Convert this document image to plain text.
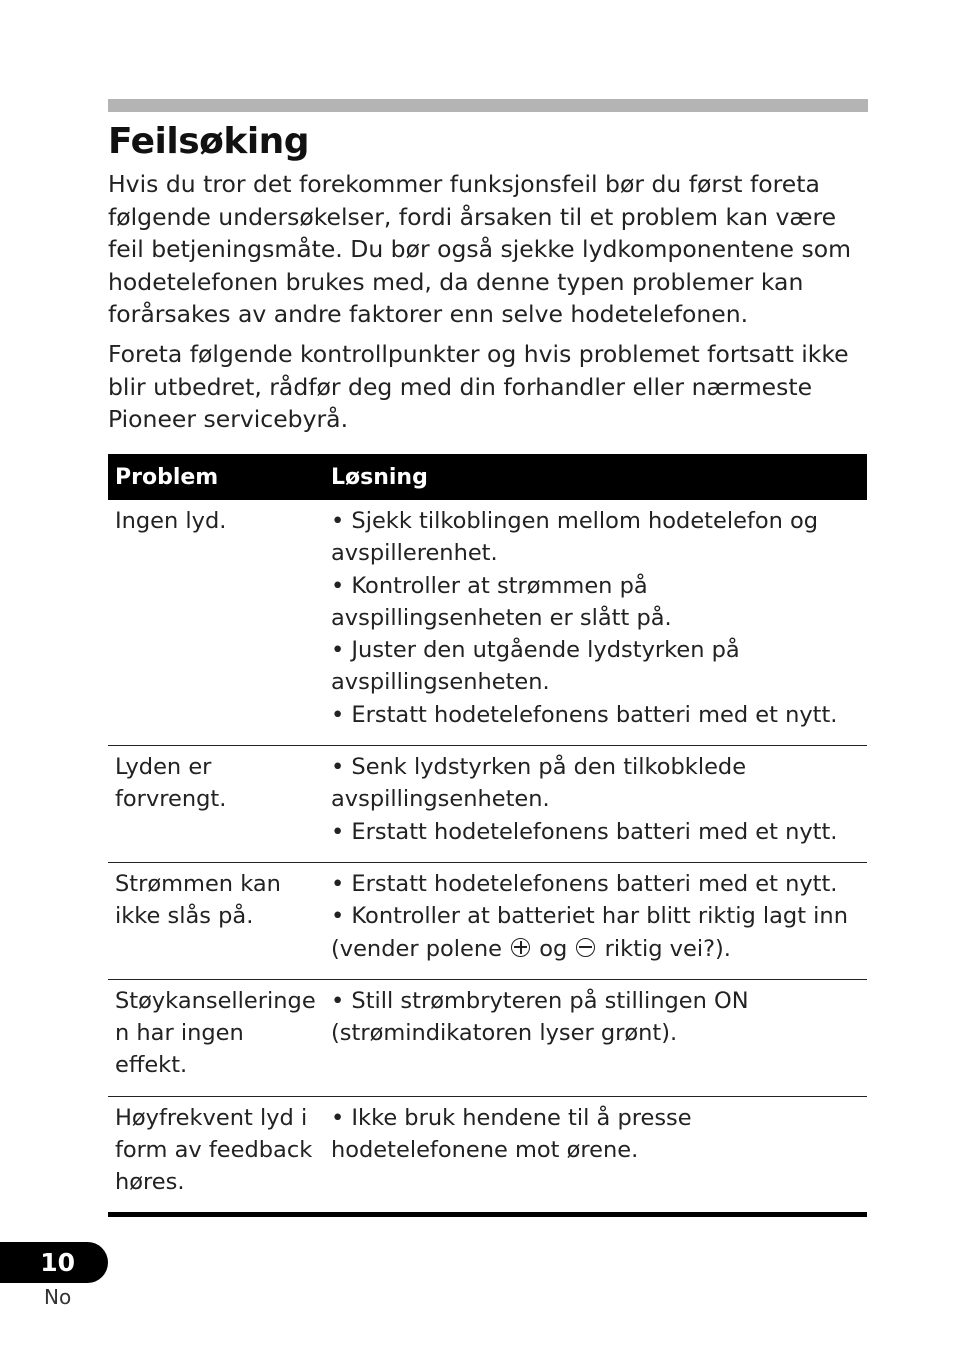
Feilsøking

Hvis du tror det forekommer funksjonsfeil bør du først foreta følgende undersøkelser, fordi årsaken til et problem kan være feil betjeningsmåte. Du bør også sjekke lydkomponentene som hodetelefonen brukes med, da denne typen problemer kan forårsakes av andre faktorer enn selve hodetelefonen.

Foreta følgende kontrollpunkter og hvis problemet fortsatt ikke blir utbedret, rådfør deg med din forhandler eller nærmeste Pioneer servicebyrå.

Problem	Løsning
Ingen lyd.	• Sjekk tilkoblingen mellom hodetelefon og avspillerenhet.
• Kontroller at strømmen på avspillingsenheten er slått på.
• Juster den utgående lydstyrken på avspillingsenheten.
• Erstatt hodetelefonens batteri med et nytt.

Lyden er forvrengt.	• Senk lydstyrken på den tilkobklede avspillingsenheten.
• Erstatt hodetelefonens batteri med et nytt.

Strømmen kan ikke slås på.	• Erstatt hodetelefonens batteri med et nytt.
• Kontroller at batteriet har blitt riktig lagt inn (vender polene  og  riktig vei?).

Støykanselleringe n har ingen effekt.	• Still strømbryteren på stillingen ON (strømindikatoren lyser grønt).

Høyfrekvent lyd i form av feedback høres.	• Ikke bruk hendene til å presse hodetelefonene mot ørene.
10
No
